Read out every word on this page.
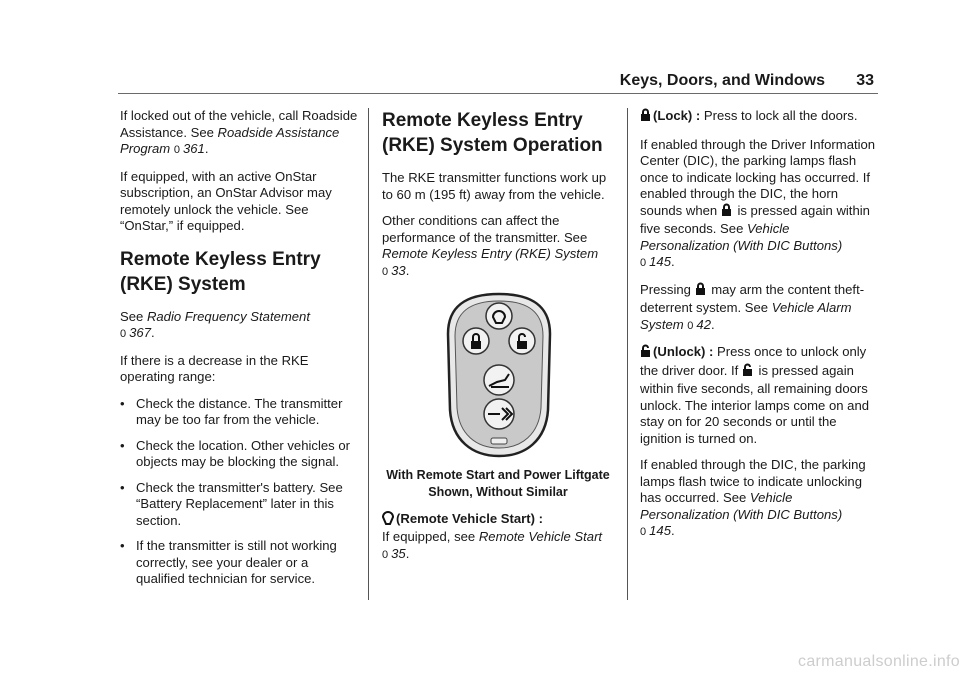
Keys, Doors, and Windows 33

If locked out of the vehicle, call Roadside Assistance. See Roadside Assistance Program 0 361.

If equipped, with an active OnStar subscription, an OnStar Advisor may remotely unlock the vehicle. See “OnStar,” if equipped.

Remote Keyless Entry (RKE) System

See Radio Frequency Statement
0 367.

If there is a decrease in the RKE operating range:

• Check the distance. The transmitter may be too far from the vehicle.
• Check the location. Other vehicles or objects may be blocking the signal.
• Check the transmitter's battery. See “Battery Replacement” later in this section.
• If the transmitter is still not working correctly, see your dealer or a qualified technician for service.
Remote Keyless Entry (RKE) System Operation

The RKE transmitter functions work up to 60 m (195 ft) away from the vehicle.

Other conditions can affect the performance of the transmitter. See Remote Keyless Entry (RKE) System 0 33.

With Remote Start and Power Liftgate Shown, Without Similar

(Remote Vehicle Start) :
If equipped, see Remote Vehicle Start 0 35.

(Lock) : Press to lock all the doors.

If enabled through the Driver Information Center (DIC), the parking lamps flash once to indicate locking has occurred. If enabled through the DIC, the horn sounds when is pressed again within five seconds. See Vehicle Personalization (With DIC Buttons)
0 145.

Pressing may arm the content theft-deterrent system. See Vehicle Alarm System 0 42.

(Unlock) : Press once to unlock only the driver door. If is pressed again within five seconds, all remaining doors unlock. The interior lamps come on and stay on for 20 seconds or until the ignition is turned on.

If enabled through the DIC, the parking lamps flash twice to indicate unlocking has occurred. See Vehicle Personalization (With DIC Buttons)
0 145.

carmanualsonline.info
